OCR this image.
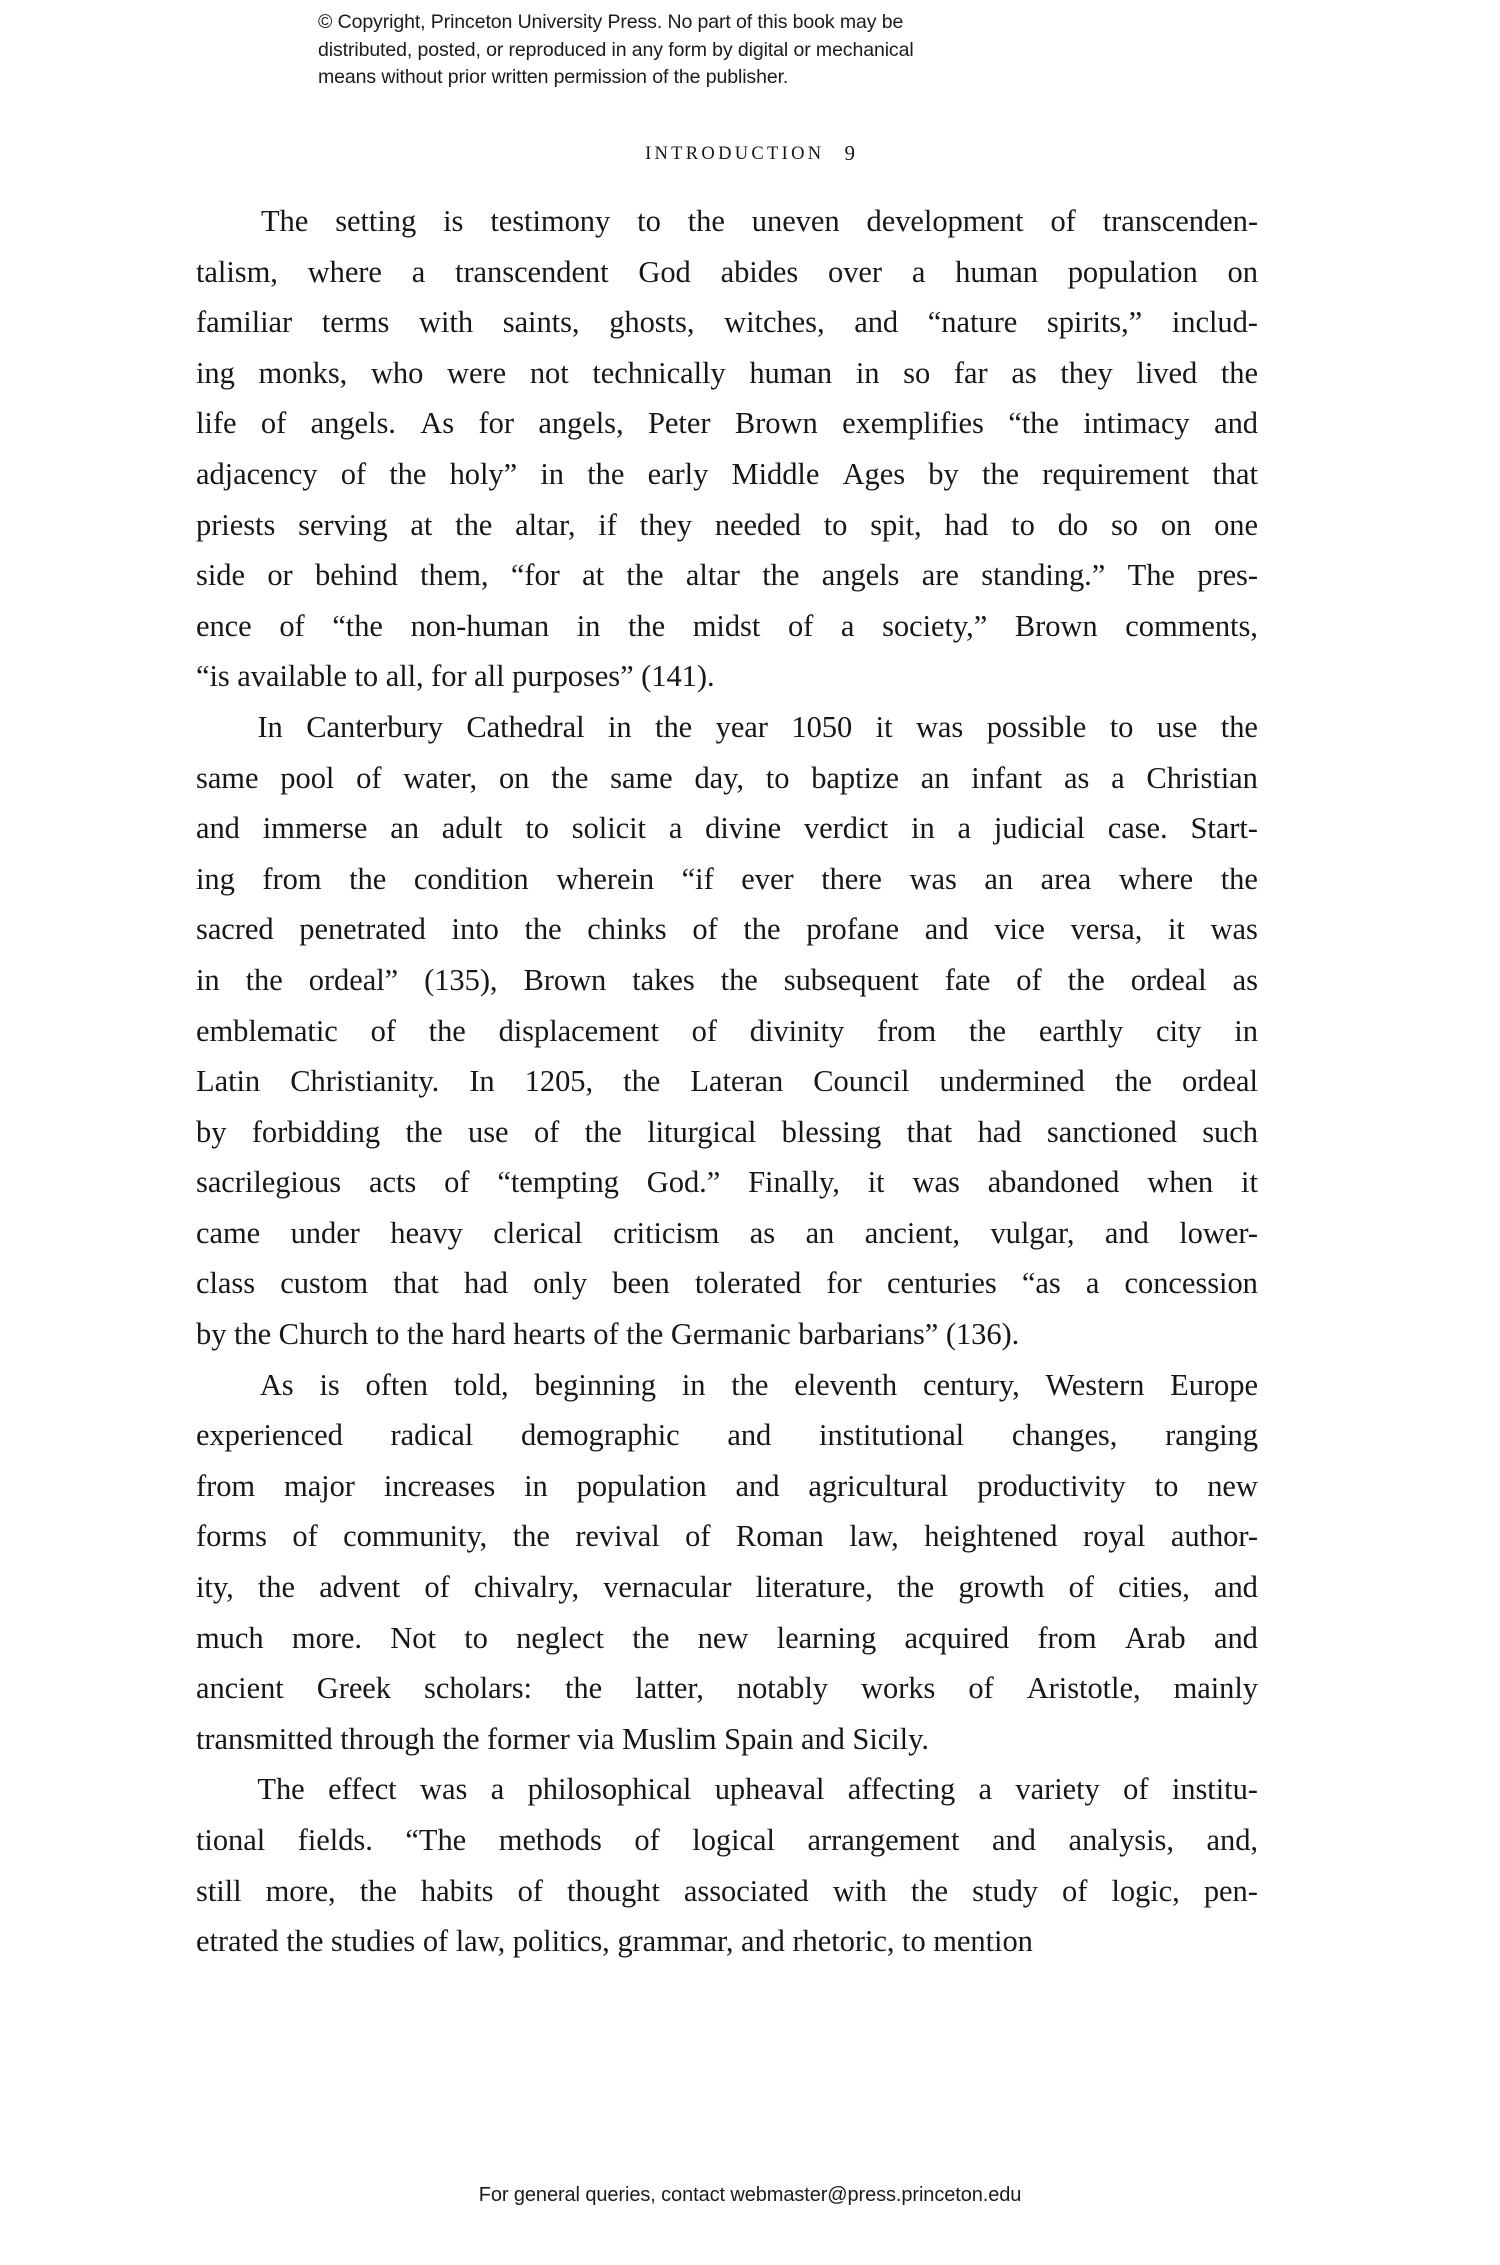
© Copyright, Princeton University Press. No part of this book may be
distributed, posted, or reproduced in any form by digital or mechanical
means without prior written permission of the publisher.
INTRODUCTION 9

The setting is testimony to the uneven development of transcenden-
talism, where a transcendent God abides over a human population on
familiar terms with saints, ghosts, witches, and “nature spirits,” includ-
ing monks, who were not technically human in so far as they lived the
life of angels. As for angels, Peter Brown exemplifies “the intimacy and
adjacency of the holy” in the early Middle Ages by the requirement that
priests serving at the altar, if they needed to spit, had to do so on one
side or behind them, “for at the altar the angels are standing.” The pres-
ence of “the non-human in the midst of a society,” Brown comments,
“is available to all, for all purposes” (141).

In Canterbury Cathedral in the year 1050 it was possible to use the
same pool of water, on the same day, to baptize an infant as a Christian
and immerse an adult to solicit a divine verdict in a judicial case. Start-
ing from the condition wherein “if ever there was an area where the
sacred penetrated into the chinks of the profane and vice versa, it was
in the ordeal” (135), Brown takes the subsequent fate of the ordeal as
emblematic of the displacement of divinity from the earthly city in
Latin Christianity. In 1205, the Lateran Council undermined the ordeal
by forbidding the use of the liturgical blessing that had sanctioned such
sacrilegious acts of “tempting God.” Finally, it was abandoned when it
came under heavy clerical criticism as an ancient, vulgar, and lower-
class custom that had only been tolerated for centuries “as a concession
by the Church to the hard hearts of the Germanic barbarians” (136).

As is often told, beginning in the eleventh century, Western Europe
experienced radical demographic and institutional changes, ranging
from major increases in population and agricultural productivity to new
forms of community, the revival of Roman law, heightened royal author-
ity, the advent of chivalry, vernacular literature, the growth of cities, and
much more. Not to neglect the new learning acquired from Arab and
ancient Greek scholars: the latter, notably works of Aristotle, mainly
transmitted through the former via Muslim Spain and Sicily.

The effect was a philosophical upheaval affecting a variety of institu-
tional fields. “The methods of logical arrangement and analysis, and,
still more, the habits of thought associated with the study of logic, pen-
etrated the studies of law, politics, grammar, and rhetoric, to mention

For general queries, contact webmaster@press.princeton.edu
